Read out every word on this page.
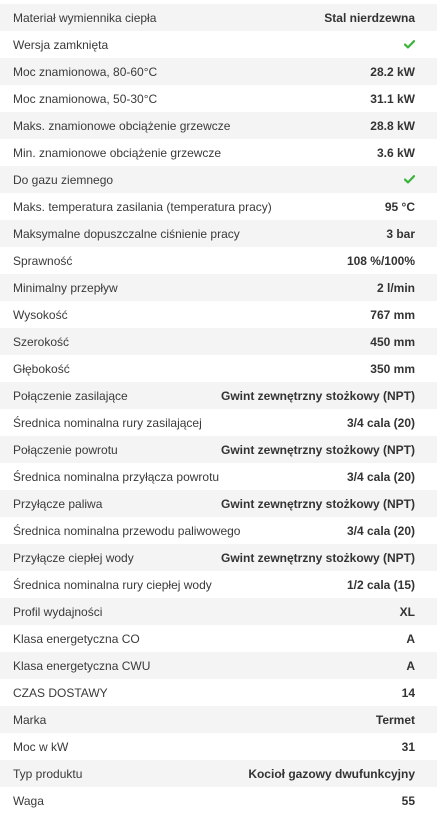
Materiał wymiennika ciepła	Stal nierdzewna
Wersja zamknięta
Moc znamionowa, 80-60°C	28.2 kW
Moc znamionowa, 50-30°C	31.1 kW
Maks. znamionowe obciążenie grzewcze	28.8 kW
Min. znamionowe obciążenie grzewcze	3.6 kW
Do gazu ziemnego
Maks. temperatura zasilania (temperatura pracy)	95 °C
Maksymalne dopuszczalne ciśnienie pracy	3 bar
Sprawność	108 %/100%
Minimalny przepływ	2 l/min
Wysokość	767 mm
Szerokość	450 mm
Głębokość	350 mm
Połączenie zasilające	Gwint zewnętrzny stożkowy (NPT)
Średnica nominalna rury zasilającej	3/4 cala (20)
Połączenie powrotu	Gwint zewnętrzny stożkowy (NPT)
Średnica nominalna przyłącza powrotu	3/4 cala (20)
Przyłącze paliwa	Gwint zewnętrzny stożkowy (NPT)
Średnica nominalna przewodu paliwowego	3/4 cala (20)
Przyłącze ciepłej wody	Gwint zewnętrzny stożkowy (NPT)
Średnica nominalna rury ciepłej wody	1/2 cala (15)
Profil wydajności	XL
Klasa energetyczna CO	A
Klasa energetyczna CWU	A
CZAS DOSTAWY	14
Marka	Termet
Moc w kW	31
Typ produktu	Kocioł gazowy dwufunkcyjny
Waga	55
